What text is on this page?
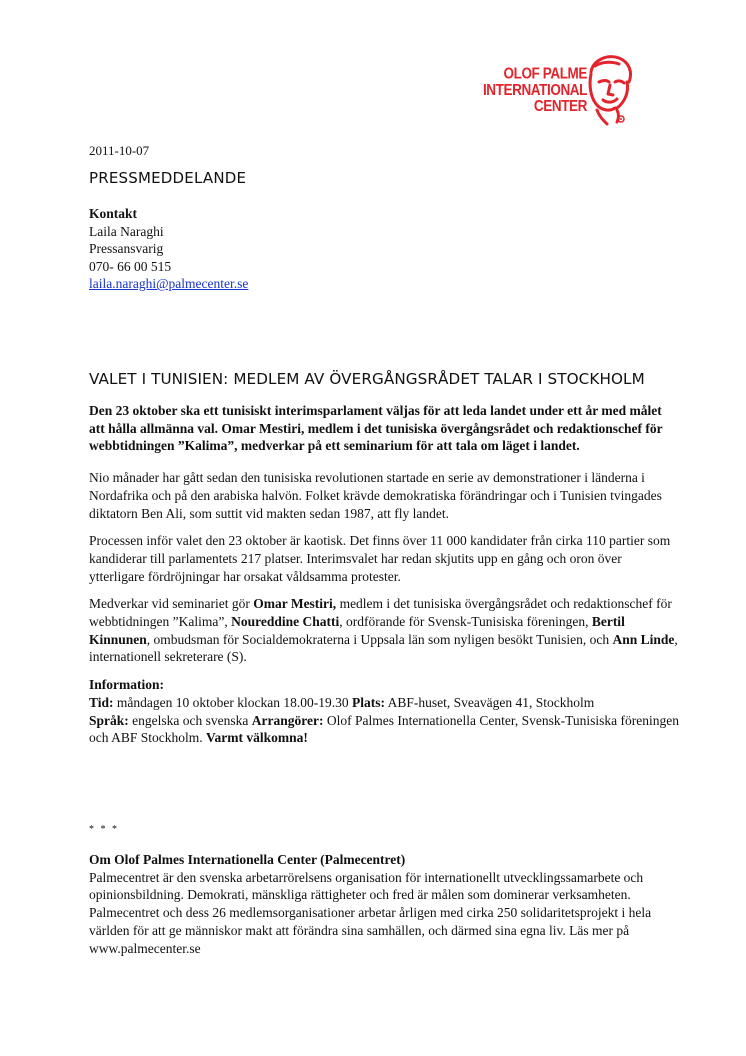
OLOF PALME
INTERNATIONAL
CENTER
2011-10-07
PRESSMEDDELANDE
Kontakt
Laila Naraghi
Pressansvarig
070- 66 00 515
laila.naraghi@palmecenter.se
VALET I TUNISIEN: MEDLEM AV ÖVERGÅNGSRÅDET TALAR I STOCKHOLM

Den 23 oktober ska ett tunisiskt interimsparlament väljas för att leda landet under ett år med målet att hålla allmänna val. Omar Mestiri, medlem i det tunisiska övergångsrådet och redaktionschef för webbtidningen ”Kalima”, medverkar på ett seminarium för att tala om läget i landet.

Nio månader har gått sedan den tunisiska revolutionen startade en serie av demonstrationer i länderna i Nordafrika och på den arabiska halvön. Folket krävde demokratiska förändringar och i Tunisien tvingades diktatorn Ben Ali, som suttit vid makten sedan 1987, att fly landet.

Processen inför valet den 23 oktober är kaotisk. Det finns över 11 000 kandidater från cirka 110 partier som kandiderar till parlamentets 217 platser. Interimsvalet har redan skjutits upp en gång och oron över ytterligare fördröjningar har orsakat våldsamma protester.

Medverkar vid seminariet gör Omar Mestiri, medlem i det tunisiska övergångsrådet och redaktionschef för webbtidningen ”Kalima”, Noureddine Chatti, ordförande för Svensk-Tunisiska föreningen, Bertil Kinnunen, ombudsman för Socialdemokraterna i Uppsala län som nyligen besökt Tunisien, och Ann Linde, internationell sekreterare (S).

Information:

Tid: måndagen 10 oktober klockan 18.00-19.30 Plats: ABF-huset, Sveavägen 41, Stockholm
Språk: engelska och svenska Arrangörer: Olof Palmes Internationella Center, Svensk-Tunisiska föreningen och ABF Stockholm. Varmt välkomna!

* * *
Om Olof Palmes Internationella Center (Palmecentret)

Palmecentret är den svenska arbetarrörelsens organisation för internationellt utvecklingssamarbete och opinionsbildning. Demokrati, mänskliga rättigheter och fred är målen som dominerar verksamheten. Palmecentret och dess 26 medlemsorganisationer arbetar årligen med cirka 250 solidaritetsprojekt i hela världen för att ge människor makt att förändra sina samhällen, och därmed sina egna liv. Läs mer på www.palmecenter.se
